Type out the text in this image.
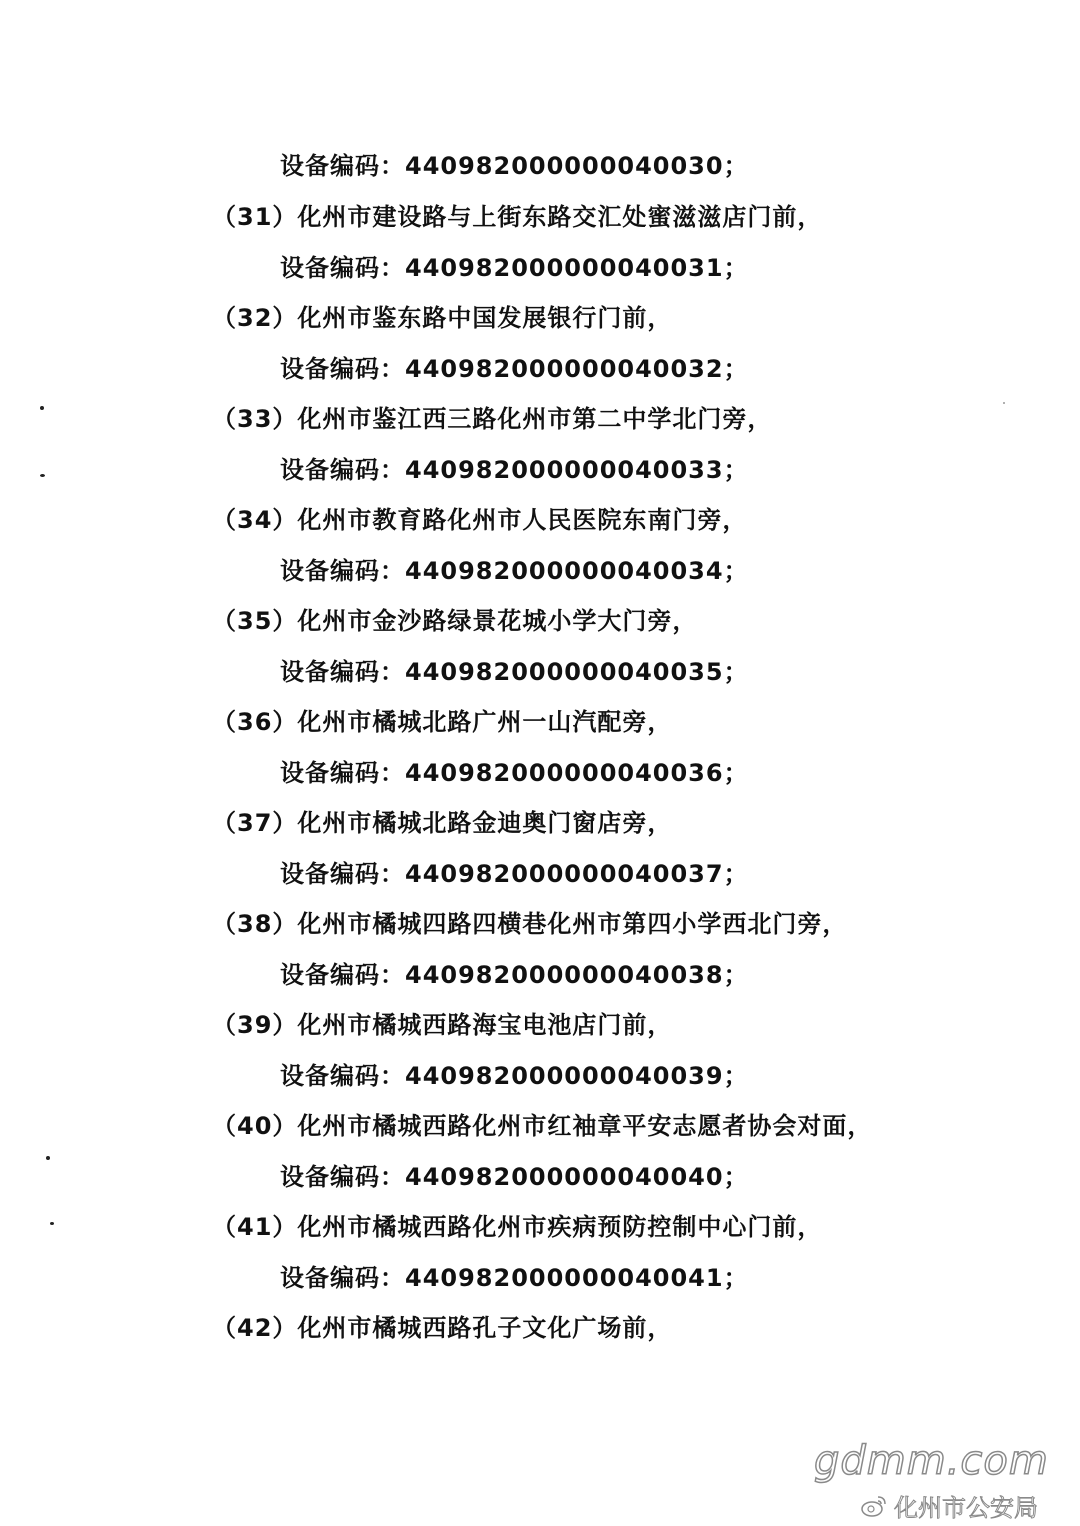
设备编码：440982000000040030；
（31）化州市建设路与上街东路交汇处蜜滋滋店门前，
设备编码：440982000000040031；
（32）化州市鉴东路中国发展银行门前，
设备编码：440982000000040032；
（33）化州市鉴江西三路化州市第二中学北门旁，
设备编码：440982000000040033；
（34）化州市教育路化州市人民医院东南门旁，
设备编码：440982000000040034；
（35）化州市金沙路绿景花城小学大门旁，
设备编码：440982000000040035；
（36）化州市橘城北路广州一山汽配旁，
设备编码：440982000000040036；
（37）化州市橘城北路金迪奥门窗店旁，
设备编码：440982000000040037；
（38）化州市橘城四路四横巷化州市第四小学西北门旁，
设备编码：440982000000040038；
（39）化州市橘城西路海宝电池店门前，
设备编码：440982000000040039；
（40）化州市橘城西路化州市红袖章平安志愿者协会对面，
设备编码：440982000000040040；
（41）化州市橘城西路化州市疾病预防控制中心门前，
设备编码：440982000000040041；
（42）化州市橘城西路孔子文化广场前，
gdmm.com
化州市公安局
